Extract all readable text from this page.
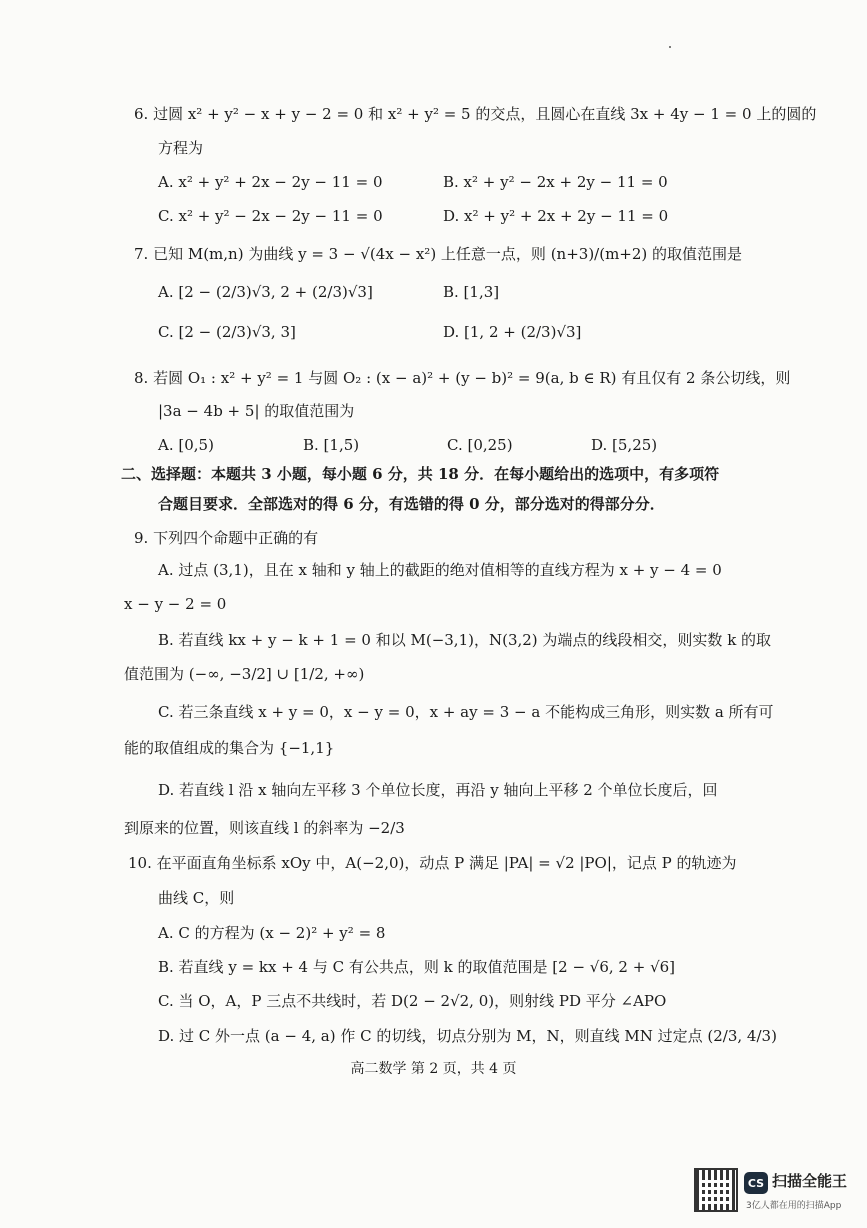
6. 过圆 x² + y² − x + y − 2 = 0 和 x² + y² = 5 的交点，且圆心在直线 3x + 4y − 1 = 0 上的圆的
方程为
A. x² + y² + 2x − 2y − 11 = 0	B. x² + y² − 2x + 2y − 11 = 0
C. x² + y² − 2x − 2y − 11 = 0	D. x² + y² + 2x + 2y − 11 = 0
7. 已知 M(m,n) 为曲线 y = 3 − √(4x − x²) 上任意一点，则 (n+3)/(m+2) 的取值范围是
A. [2 − (2/3)√3, 2 + (2/3)√3]	B. [1,3]
C. [2 − (2/3)√3, 3]	D. [1, 2 + (2/3)√3]
8. 若圆 O₁ : x² + y² = 1 与圆 O₂ : (x − a)² + (y − b)² = 9(a, b ∈ R) 有且仅有 2 条公切线，则
|3a − 4b + 5| 的取值范围为
A. [0,5)	B. [1,5)	C. [0,25)	D. [5,25)
二、选择题：本题共 3 小题，每小题 6 分，共 18 分．在每小题给出的选项中，有多项符
合题目要求．全部选对的得 6 分，有选错的得 0 分，部分选对的得部分分．
9. 下列四个命题中正确的有
A. 过点 (3,1)，且在 x 轴和 y 轴上的截距的绝对值相等的直线方程为 x + y − 4 = 0
x − y − 2 = 0
B. 若直线 kx + y − k + 1 = 0 和以 M(−3,1)，N(3,2) 为端点的线段相交，则实数 k 的取
值范围为 (−∞, −3/2] ∪ [1/2, +∞)
C. 若三条直线 x + y = 0，x − y = 0，x + ay = 3 − a 不能构成三角形，则实数 a 所有可
能的取值组成的集合为 {−1,1}
D. 若直线 l 沿 x 轴向左平移 3 个单位长度，再沿 y 轴向上平移 2 个单位长度后，回
到原来的位置，则该直线 l 的斜率为 −2/3
10. 在平面直角坐标系 xOy 中，A(−2,0)，动点 P 满足 |PA| = √2 |PO|，记点 P 的轨迹为
曲线 C，则
A. C 的方程为 (x − 2)² + y² = 8
B. 若直线 y = kx + 4 与 C 有公共点，则 k 的取值范围是 [2 − √6, 2 + √6]
C. 当 O，A，P 三点不共线时，若 D(2 − 2√2, 0)，则射线 PD 平分 ∠APO
D. 过 C 外一点 (a − 4, a) 作 C 的切线，切点分别为 M，N，则直线 MN 过定点 (2/3, 4/3)
高二数学 第 2 页，共 4 页
CS 扫描全能王
3亿人都在用的扫描App
